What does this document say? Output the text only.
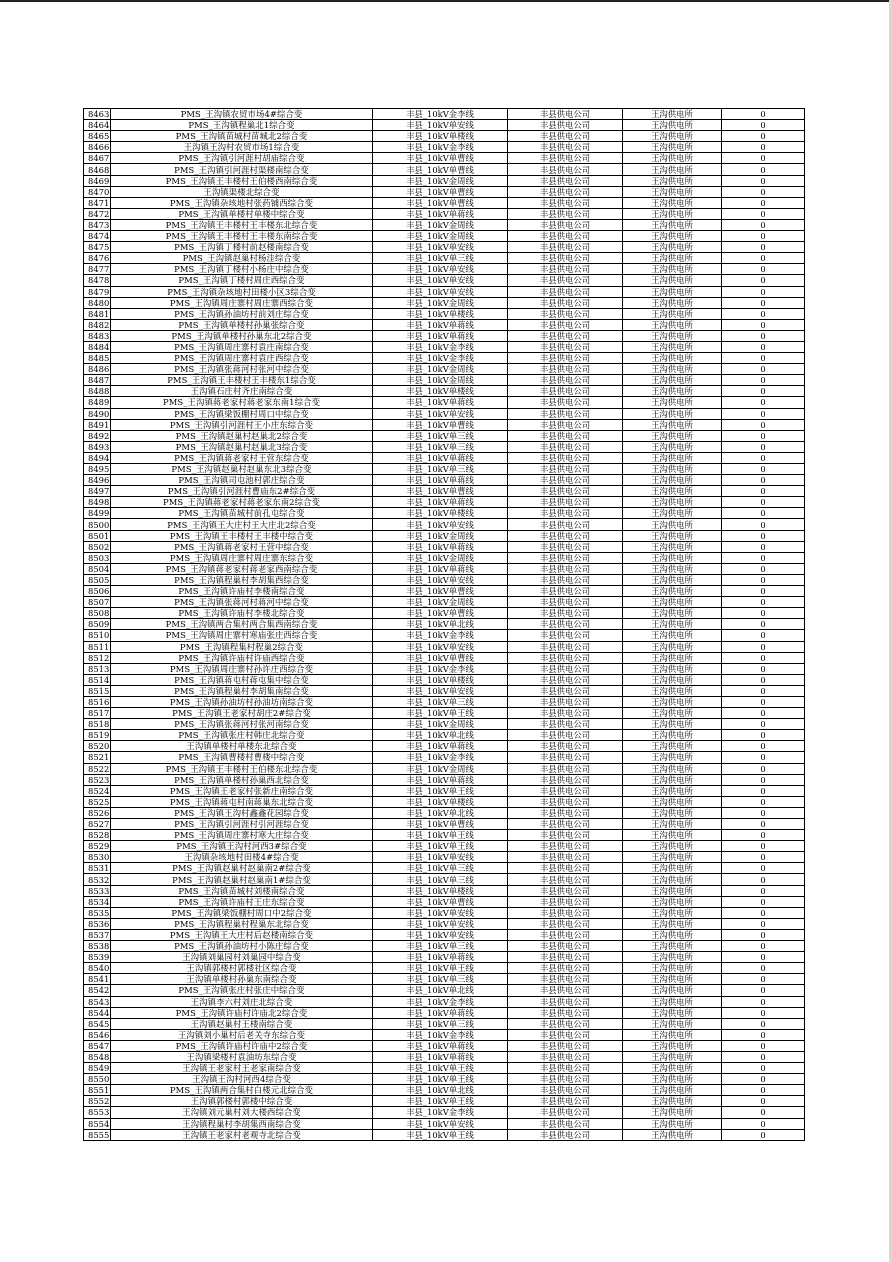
8463	PMS_王沟镇农贸市场4#综合变	丰县_10kV金李线	丰县供电公司	王沟供电所	0
8464	PMS_王沟镇程巢北1综合变	丰县_10kV单安线	丰县供电公司	王沟供电所	0
8465	PMS_王沟镇苗城村苗城北2综合变	丰县_10kV单楼线	丰县供电公司	王沟供电所	0
8466	王沟镇王沟村农贸市场1综合变	丰县_10kV金李线	丰县供电公司	王沟供电所	0
8467	PMS_王沟镇引河涯村胡庙综合变	丰县_10kV单曹线	丰县供电公司	王沟供电所	0
8468	PMS_王沟镇引河涯村渠楼南综合变	丰县_10kV单曹线	丰县供电公司	王沟供电所	0
8469	PMS_王沟镇王丰楼村王伯楼西南综合变	丰县_10kV金周线	丰县供电公司	王沟供电所	0
8470	王沟镇渠楼北综合变	丰县_10kV单曹线	丰县供电公司	王沟供电所	0
8471	PMS_王沟镇杂垓地村张药铺西综合变	丰县_10kV单曹线	丰县供电公司	王沟供电所	0
8472	PMS_王沟镇单楼村单楼中综合变	丰县_10kV单蒋线	丰县供电公司	王沟供电所	0
8473	PMS_王沟镇王丰楼村王丰楼东北综合变	丰县_10kV金周线	丰县供电公司	王沟供电所	0
8474	PMS_王沟镇王丰楼村王丰楼东南综合变	丰县_10kV金周线	丰县供电公司	王沟供电所	0
8475	PMS_王沟镇丁楼村前赵楼南综合变	丰县_10kV单安线	丰县供电公司	王沟供电所	0
8476	PMS_王沟镇赵巢村杨洼综合变	丰县_10kV单三线	丰县供电公司	王沟供电所	0
8477	PMS_王沟镇丁楼村小杨庄中综合变	丰县_10kV单安线	丰县供电公司	王沟供电所	0
8478	PMS_王沟镇丁楼村周庄西综合变	丰县_10kV单安线	丰县供电公司	王沟供电所	0
8479	PMS_王沟镇杂垓地村田楼小区3综合变	丰县_10kV单安线	丰县供电公司	王沟供电所	0
8480	PMS_王沟镇周庄寨村周庄寨西综合变	丰县_10kV金周线	丰县供电公司	王沟供电所	0
8481	PMS_王沟镇孙油坊村前刘庄综合变	丰县_10kV单楼线	丰县供电公司	王沟供电所	0
8482	PMS_王沟镇单楼村孙巢张综合变	丰县_10kV单蒋线	丰县供电公司	王沟供电所	0
8483	PMS_王沟镇单楼村孙巢东北2综合变	丰县_10kV单蒋线	丰县供电公司	王沟供电所	0
8484	PMS_王沟镇周庄寨村袁庄南综合变	丰县_10kV金李线	丰县供电公司	王沟供电所	0
8485	PMS_王沟镇周庄寨村袁庄西综合变	丰县_10kV金李线	丰县供电公司	王沟供电所	0
8486	PMS_王沟镇张蒋河村张河中综合变	丰县_10kV金周线	丰县供电公司	王沟供电所	0
8487	PMS_王沟镇王丰楼村王丰楼东1综合变	丰县_10kV金周线	丰县供电公司	王沟供电所	0
8488	王沟镇石庄村齐庄南综合变	丰县_10kV单楼线	丰县供电公司	王沟供电所	0
8489	PMS_王沟镇蒋老家村蒋老家东南1综合变	丰县_10kV单蒋线	丰县供电公司	王沟供电所	0
8490	PMS_王沟镇梁饭棚村周口中综合变	丰县_10kV单安线	丰县供电公司	王沟供电所	0
8491	PMS_王沟镇引河涯村王小庄东综合变	丰县_10kV单曹线	丰县供电公司	王沟供电所	0
8492	PMS_王沟镇赵巢村赵巢北2综合变	丰县_10kV单三线	丰县供电公司	王沟供电所	0
8493	PMS_王沟镇赵巢村赵巢北3综合变	丰县_10kV单三线	丰县供电公司	王沟供电所	0
8494	PMS_王沟镇蒋老家村王营东综合变	丰县_10kV单蒋线	丰县供电公司	王沟供电所	0
8495	PMS_王沟镇赵巢村赵巢东北3综合变	丰县_10kV单三线	丰县供电公司	王沟供电所	0
8496	PMS_王沟镇司屯池村郭庄综合变	丰县_10kV单蒋线	丰县供电公司	王沟供电所	0
8497	PMS_王沟镇引河涯村曹庙东2#综合变	丰县_10kV单曹线	丰县供电公司	王沟供电所	0
8498	PMS_王沟镇蒋老家村蒋老家东南2综合变	丰县_10kV单蒋线	丰县供电公司	王沟供电所	0
8499	PMS_王沟镇苗城村前孔屯综合变	丰县_10kV单楼线	丰县供电公司	王沟供电所	0
8500	PMS_王沟镇王大庄村王大庄北2综合变	丰县_10kV单安线	丰县供电公司	王沟供电所	0
8501	PMS_王沟镇王丰楼村王丰楼中综合变	丰县_10kV金周线	丰县供电公司	王沟供电所	0
8502	PMS_王沟镇蒋老家村王营中综合变	丰县_10kV单蒋线	丰县供电公司	王沟供电所	0
8503	PMS_王沟镇周庄寨村周庄寨东综合变	丰县_10kV金周线	丰县供电公司	王沟供电所	0
8504	PMS_王沟镇蒋老家村蒋老家西南综合变	丰县_10kV单蒋线	丰县供电公司	王沟供电所	0
8505	PMS_王沟镇程巢村李胡集西综合变	丰县_10kV单安线	丰县供电公司	王沟供电所	0
8506	PMS_王沟镇许庙村李楼南综合变	丰县_10kV单曹线	丰县供电公司	王沟供电所	0
8507	PMS_王沟镇张蒋河村蒋河中综合变	丰县_10kV金周线	丰县供电公司	王沟供电所	0
8508	PMS_王沟镇许庙村李楼北综合变	丰县_10kV单曹线	丰县供电公司	王沟供电所	0
8509	PMS_王沟镇两合集村两合集西南综合变	丰县_10kV单北线	丰县供电公司	王沟供电所	0
8510	PMS_王沟镇周庄寨村寒庙张庄西综合变	丰县_10kV金李线	丰县供电公司	王沟供电所	0
8511	PMS_王沟镇程集村程巢2综合变	丰县_10kV单安线	丰县供电公司	王沟供电所	0
8512	PMS_王沟镇许庙村许庙西综合变	丰县_10kV单曹线	丰县供电公司	王沟供电所	0
8513	PMS_王沟镇周庄寨村孙许庄西综合变	丰县_10kV金李线	丰县供电公司	王沟供电所	0
8514	PMS_王沟镇蒋屯村蒋屯集中综合变	丰县_10kV单楼线	丰县供电公司	王沟供电所	0
8515	PMS_王沟镇程巢村李胡集南综合变	丰县_10kV单安线	丰县供电公司	王沟供电所	0
8516	PMS_王沟镇孙油坊村孙油坊南综合变	丰县_10kV单三线	丰县供电公司	王沟供电所	0
8517	PMS_王沟镇王老家村胡庄2#综合变	丰县_10kV单王线	丰县供电公司	王沟供电所	0
8518	PMS_王沟镇张蒋河村张河南综合变	丰县_10kV金周线	丰县供电公司	王沟供电所	0
8519	PMS_王沟镇张庄村韩庄北综合变	丰县_10kV单北线	丰县供电公司	王沟供电所	0
8520	王沟镇单楼村单楼东北综合变	丰县_10kV单蒋线	丰县供电公司	王沟供电所	0
8521	PMS_王沟镇曹楼村曹楼中综合变	丰县_10kV金李线	丰县供电公司	王沟供电所	0
8522	PMS_王沟镇王丰楼村王伯楼东北综合变	丰县_10kV金周线	丰县供电公司	王沟供电所	0
8523	PMS_王沟镇单楼村孙巢西北综合变	丰县_10kV单蒋线	丰县供电公司	王沟供电所	0
8524	PMS_王沟镇王老家村张新庄南综合变	丰县_10kV单王线	丰县供电公司	王沟供电所	0
8525	PMS_王沟镇蒋屯村南蒋巢东北综合变	丰县_10kV单楼线	丰县供电公司	王沟供电所	0
8526	PMS_王沟镇王沟村鑫鑫花园综合变	丰县_10kV单北线	丰县供电公司	王沟供电所	0
8527	PMS_王沟镇引河涯村引河涯综合变	丰县_10kV单曹线	丰县供电公司	王沟供电所	0
8528	PMS_王沟镇周庄寨村寒大庄综合变	丰县_10kV单王线	丰县供电公司	王沟供电所	0
8529	PMS_王沟镇王沟村河西3#综合变	丰县_10kV单王线	丰县供电公司	王沟供电所	0
8530	王沟镇杂垓地村田楼4#综合变	丰县_10kV单安线	丰县供电公司	王沟供电所	0
8531	PMS_王沟镇赵巢村赵巢南2#综合变	丰县_10kV单三线	丰县供电公司	王沟供电所	0
8532	PMS_王沟镇赵巢村赵巢南1#综合变	丰县_10kV单三线	丰县供电公司	王沟供电所	0
8533	PMS_王沟镇苗城村刘楼南综合变	丰县_10kV单楼线	丰县供电公司	王沟供电所	0
8534	PMS_王沟镇许庙村王庄东综合变	丰县_10kV单曹线	丰县供电公司	王沟供电所	0
8535	PMS_王沟镇梁饭棚村周口中2综合变	丰县_10kV单安线	丰县供电公司	王沟供电所	0
8536	PMS_王沟镇程巢村程巢东北综合变	丰县_10kV单安线	丰县供电公司	王沟供电所	0
8537	PMS_王沟镇王大庄村后赵楼南综合变	丰县_10kV单安线	丰县供电公司	王沟供电所	0
8538	PMS_王沟镇孙油坊村小陈庄综合变	丰县_10kV单三线	丰县供电公司	王沟供电所	0
8539	王沟镇刘巢园村刘巢园中综合变	丰县_10kV单蒋线	丰县供电公司	王沟供电所	0
8540	王沟镇郭楼村郭楼社区综合变	丰县_10kV单王线	丰县供电公司	王沟供电所	0
8541	王沟镇单楼村孙巢东南综合变	丰县_10kV单三线	丰县供电公司	王沟供电所	0
8542	PMS_王沟镇张庄村张庄中综合变	丰县_10kV单北线	丰县供电公司	王沟供电所	0
8543	王沟镇李六村刘庄北综合变	丰县_10kV金李线	丰县供电公司	王沟供电所	0
8544	PMS_王沟镇许庙村许庙北2综合变	丰县_10kV单蒋线	丰县供电公司	王沟供电所	0
8545	王沟镇赵巢村王楼南综合变	丰县_10kV单三线	丰县供电公司	王沟供电所	0
8546	王沟镇刘小巢村后老关寺东综合变	丰县_10kV金李线	丰县供电公司	王沟供电所	0
8547	PMS_王沟镇许庙村许庙中2综合变	丰县_10kV单蒋线	丰县供电公司	王沟供电所	0
8548	王沟镇梁楼村袁油坊东综合变	丰县_10kV单蒋线	丰县供电公司	王沟供电所	0
8549	王沟镇王老家村王老家南综合变	丰县_10kV单王线	丰县供电公司	王沟供电所	0
8550	王沟镇王沟村河西4综合变	丰县_10kV单王线	丰县供电公司	王沟供电所	0
8551	PMS_王沟镇两合集村白楼元北综合变	丰县_10kV单北线	丰县供电公司	王沟供电所	0
8552	王沟镇郭楼村郭楼中综合变	丰县_10kV单王线	丰县供电公司	王沟供电所	0
8553	王沟镇刘元巢村刘大楼西综合变	丰县_10kV金李线	丰县供电公司	王沟供电所	0
8554	王沟镇程巢村李胡集西南综合变	丰县_10kV单安线	丰县供电公司	王沟供电所	0
8555	王沟镇王老家村老观寺北综合变	丰县_10kV单王线	丰县供电公司	王沟供电所	0
